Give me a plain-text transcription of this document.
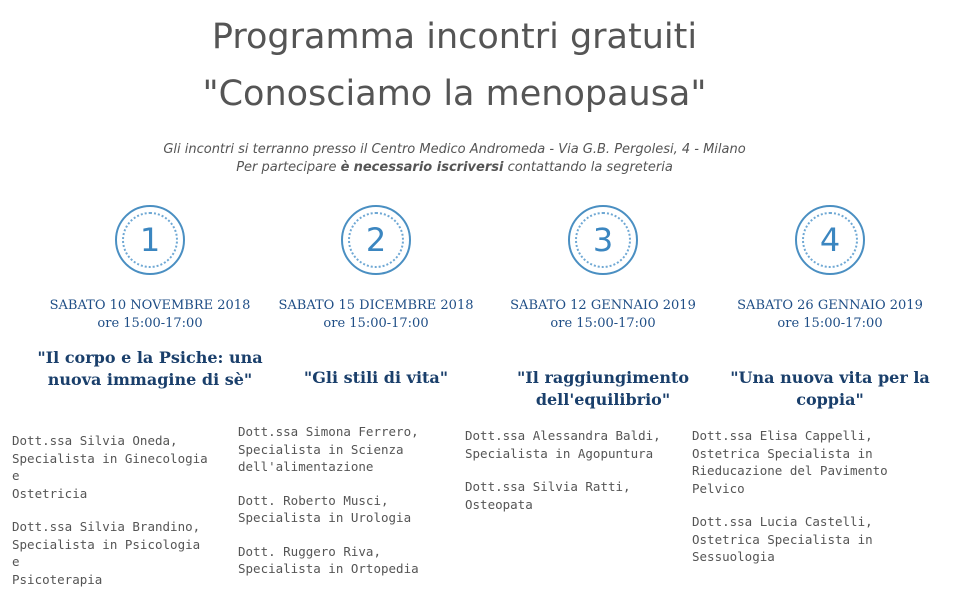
Programma incontri gratuiti
"Conosciamo la menopausa"
Gli incontri si terranno presso il Centro Medico Andromeda - Via G.B. Pergolesi, 4 - Milano
Per partecipare è necessario iscriversi contattando la segreteria
1
SABATO 10 NOVEMBRE 2018
ore 15:00-17:00
"Il corpo e la Psiche: una nuova immagine di sè"
Dott.ssa Silvia Oneda,
Specialista in Ginecologia e
Ostetricia
Dott.ssa Silvia Brandino,
Specialista in Psicologia e
Psicoterapia
2
SABATO 15 DICEMBRE 2018
ore 15:00-17:00
"Gli stili di vita"
Dott.ssa Simona Ferrero,
Specialista in Scienza
dell'alimentazione
Dott. Roberto Musci,
Specialista in Urologia
Dott. Ruggero Riva,
Specialista in Ortopedia
3
SABATO 12 GENNAIO 2019
ore 15:00-17:00
"Il raggiungimento dell'equilibrio"
Dott.ssa Alessandra Baldi,
Specialista in Agopuntura
Dott.ssa Silvia Ratti,
Osteopata
4
SABATO 26 GENNAIO 2019
ore 15:00-17:00
"Una nuova vita per la coppia"
Dott.ssa Elisa Cappelli,
Ostetrica Specialista in
Rieducazione del Pavimento
Pelvico
Dott.ssa Lucia Castelli,
Ostetrica Specialista in
Sessuologia
